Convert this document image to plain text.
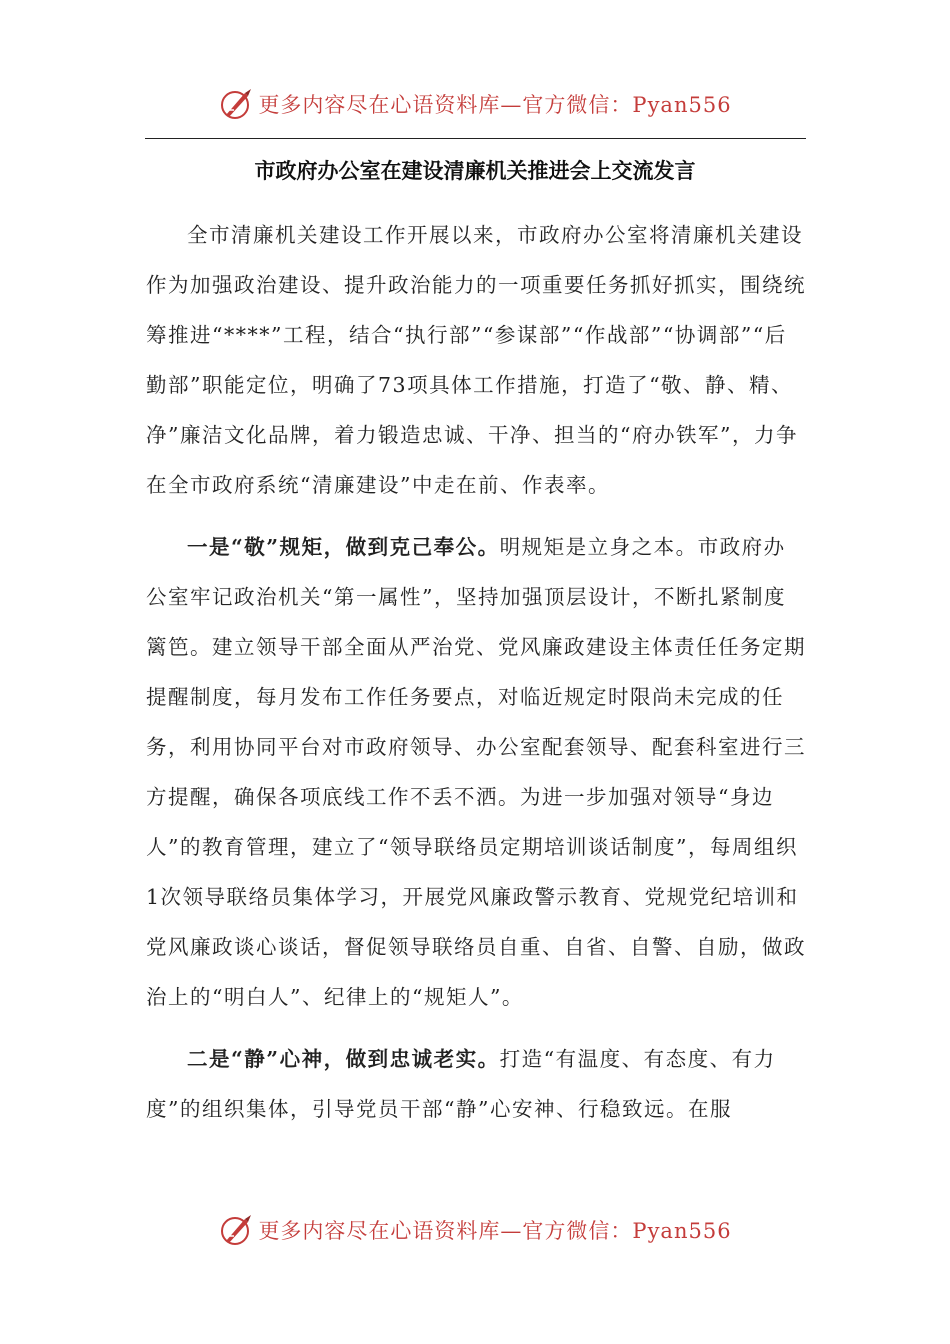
更多内容尽在心语资料库—官方微信：Pyan556
市政府办公室在建设清廉机关推进会上交流发言

全市清廉机关建设工作开展以来，市政府办公室将清廉机关建设作为加强政治建设、提升政治能力的一项重要任务抓好抓实，围绕统筹推进“****”工程，结合“执行部”“参谋部”“作战部”“协调部”“后勤部”职能定位，明确了73项具体工作措施，打造了“敬、静、精、净”廉洁文化品牌，着力锻造忠诚、干净、担当的“府办铁军”，力争在全市政府系统“清廉建设”中走在前、作表率。

一是“敬”规矩，做到克己奉公。明规矩是立身之本。市政府办公室牢记政治机关“第一属性”，坚持加强顶层设计，不断扎紧制度篱笆。建立领导干部全面从严治党、党风廉政建设主体责任任务定期提醒制度，每月发布工作任务要点，对临近规定时限尚未完成的任务，利用协同平台对市政府领导、办公室配套领导、配套科室进行三方提醒，确保各项底线工作不丢不洒。为进一步加强对领导“身边人”的教育管理，建立了“领导联络员定期培训谈话制度”，每周组织1次领导联络员集体学习，开展党风廉政警示教育、党规党纪培训和党风廉政谈心谈话，督促领导联络员自重、自省、自警、自励，做政治上的“明白人”、纪律上的“规矩人”。

二是“静”心神，做到忠诚老实。打造“有温度、有态度、有力度”的组织集体，引导党员干部“静”心安神、行稳致远。在服

更多内容尽在心语资料库—官方微信：Pyan556
